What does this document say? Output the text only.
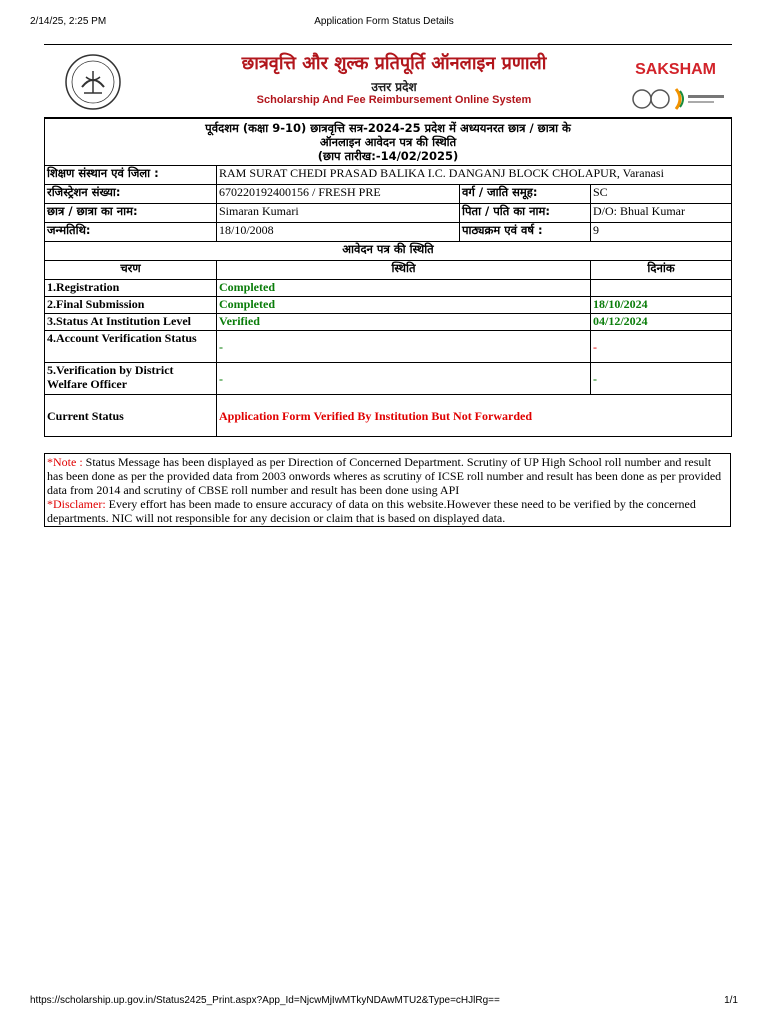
2/14/25, 2:25 PM	Application Form Status Details
छात्रवृत्ति और शुल्क प्रतिपूर्ति ऑनलाइन प्रणाली
उत्तर प्रदेश
Scholarship And Fee Reimbursement Online System
SAKSHAM
पूर्वदशम (कक्षा 9-10) छात्रवृत्ति सत्र-2024-25 प्रदेश में अध्ययनरत छात्र / छात्रा के
ऑनलाइन आवेदन पत्र की स्थिति
(छाप तारीख:-14/02/2025)			

शिक्षण संस्थान एवं जिला :	RAM SURAT CHEDI PRASAD BALIKA I.C. DANGANJ BLOCK CHOLAPUR, Varanasi		
रजिस्ट्रेशन संख्या:	670220192400156 / FRESH PRE	वर्ग / जाति समूह:	SC
छात्र / छात्रा का नाम:	Simaran Kumari	पिता / पति का नाम:	D/O: Bhual Kumar
जन्मतिथि:	18/10/2008	पाठ्यक्रम एवं वर्ष :	9
आवेदन पत्र की स्थिति			
चरण	स्थिति		दिनांक
1.Registration	Completed		
2.Final Submission	Completed		18/10/2024
3.Status At Institution Level	Verified		04/12/2024
4.Account Verification Status	-		-
5.Verification by District Welfare Officer	-		-
Current Status	Application Form Verified By Institution But Not Forwarded		
*Note : Status Message has been displayed as per Direction of Concerned Department. Scrutiny of UP High School roll number and result has been done as per the provided data from 2003 onwords wheres as scrutiny of ICSE roll number and result has been done as per provided data from 2014 and scrutiny of CBSE roll number and result has been done using API
*Disclamer: Every effort has been made to ensure accuracy of data on this website.However these need to be verified by the concerned departments. NIC will not responsible for any decision or claim that is based on displayed data.
https://scholarship.up.gov.in/Status2425_Print.aspx?App_Id=NjcwMjIwMTkyNDAwMTU2&Type=cHJlRg==	1/1
